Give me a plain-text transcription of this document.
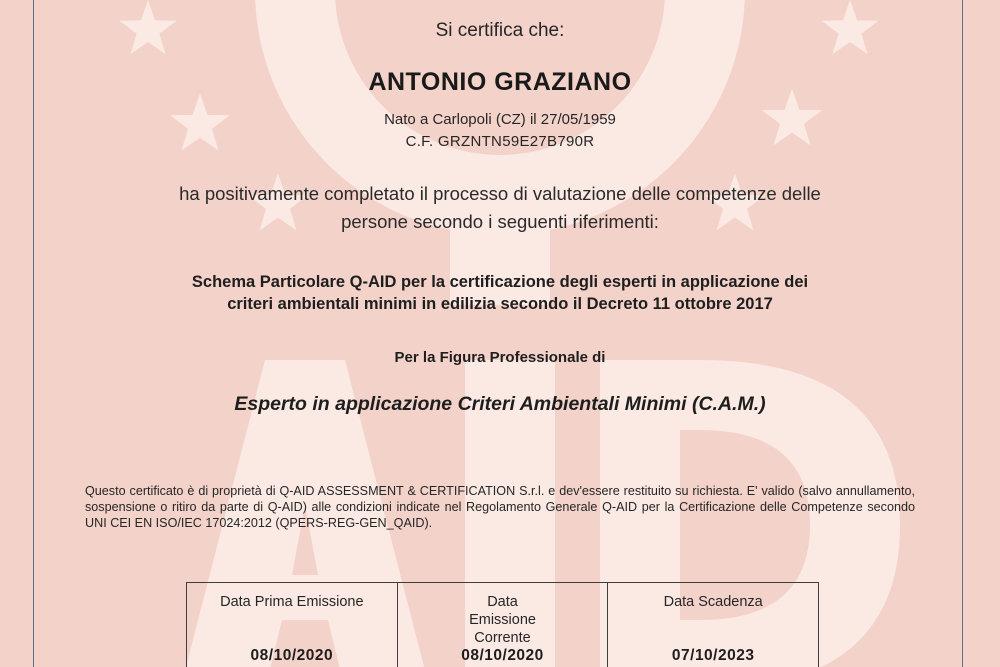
Si certifica che:
ANTONIO GRAZIANO
Nato a Carlopoli (CZ) il 27/05/1959
C.F. GRZNTN59E27B790R
ha positivamente completato il processo di valutazione delle competenze delle
persone secondo i seguenti riferimenti:
Schema Particolare Q-AID per la certificazione degli esperti in applicazione dei
criteri ambientali minimi in edilizia secondo il Decreto 11 ottobre 2017
Per la Figura Professionale di
Esperto in applicazione Criteri Ambientali Minimi (C.A.M.)
Questo certificato è di proprietà di Q-AID ASSESSMENT & CERTIFICATION S.r.l. e dev'essere restituito su richiesta. E' valido (salvo annullamento, sospensione o ritiro da parte di Q-AID) alle condizioni indicate nel Regolamento Generale Q-AID per la Certificazione delle Competenze secondo UNI CEI EN ISO/IEC 17024:2012 (QPERS-REG-GEN_QAID).
Data Prima Emissione
08/10/2020
Data Emissione Corrente
08/10/2020
Data Scadenza
07/10/2023
